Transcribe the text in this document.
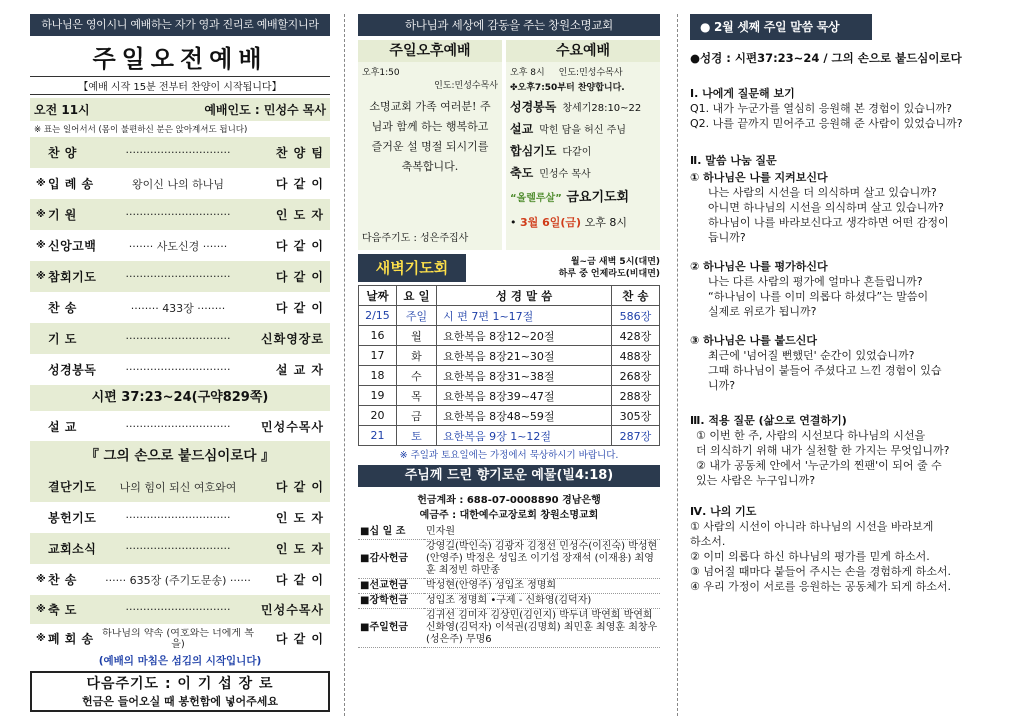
하나님은 영이시니 예배하는 자가 영과 진리로 예배할지니라
주일오전예배
【예배 시작 15분 전부터 찬양이 시작됩니다】
오전 11시	예배인도 : 민성수 목사
※ 표는 일어서서 (몸이 불편하신 분은 앉아계셔도 됩니다)
찬 양	······························	찬 양 팀
※ 입 례 송	왕이신 나의 하나님	다 같 이
※ 기 원	······························	인 도 자
※ 신앙고백	······· 사도신경 ·······	다 같 이
※ 참회기도	······························	다 같 이
찬 송	········ 433장 ········	다 같 이
기 도	······························	신화영장로
성경봉독	······························	설 교 자
시편 37:23~24(구약829쪽)
설 교	······························	민성수목사
『 그의 손으로 붙드심이로다 』
결단기도	나의 힘이 되신 여호와여	다 같 이
봉헌기도	······························	인 도 자
교회소식	······························	인 도 자
※ 찬 송	······ 635장 (주기도문송) ······	다 같 이
※ 축 도	······························	민성수목사
※ 폐 회 송 하나님의 약속 (여호와는 너에게 복을)	다 같 이
(예배의 마침은 섬김의 시작입니다)
다음주기도 : 이 기 섭 장 로
헌금은 들어오실 때 봉헌함에 넣어주세요
하나님과 세상에 감동을 주는 창원소명교회
주일오후예배
오후1:50
인도:민성수목사
소명교회 가족 여러분! 주님과 함께 하는 행복하고 즐거운 설 명절 되시기를 축복합니다.
다음주기도 : 성은주집사
수요예배
오후 8시 인도:민성수목사
✤오후7:50부터 찬양합니다.
성경봉독 창세기28:10~22
설교 막힌 담을 허신 주님
합심기도 다같이
축도 민성수 목사
“올렐루살” 금요기도회
• 3월 6일(금) 오후 8시
새벽기도회	월~금 새벽 5시(대면)
하루 중 언제라도(비대면)
날짜	요 일	성 경 말 씀	찬 송
2/15	주일	시 편 7편 1~17절	586장
16	월	요한복음 8장12~20절	428장
17	화	요한복음 8장21~30절	488장
18	수	요한복음 8장31~38절	268장
19	목	요한복음 8장39~47절	288장
20	금	요한복음 8장48~59절	305장
21	토	요한복음 9장 1~12절	287장
※ 주일과 토요일에는 가정에서 묵상하시기 바랍니다.
주님께 드린 향기로운 예물(빌4:18)
헌금계좌 : 688-07-0008890 경남은행
예금주 : 대한예수교장로회 창원소명교회
■십 일 조	민자원
■감사헌금	강영길(박인숙) 김광자 김정선 민성수(이진숙) 박성현(안영주) 박정은 성입조 이기섭 장재석 (이재용) 최영훈 최정빈 하만종
■선교헌금	박성현(안영주) 성입조 정명희
■장학헌금	성입조 정명희 •구제 - 신화영(김덕자)
■주일헌금	김귀선 김미자 김상민(김인지) 박두녀 박연희 박연희 신화영(김덕자) 이석권(김명희) 최민훈 최영훈 최창우(성은주) 무명6
● 2월 셋째 주일 말씀 묵상
●성경 : 시편37:23~24 / 그의 손으로 붙드심이로다
Ⅰ. 나에게 질문해 보기
Q1. 내가 누군가를 열심히 응원해 본 경험이 있습니까?
Q2. 나를 끝까지 믿어주고 응원해 준 사람이 있었습니까?
Ⅱ. 말씀 나눔 질문
① 하나님은 나를 지켜보신다
나는 사람의 시선을 더 의식하며 살고 있습니까?
아니면 하나님의 시선을 의식하며 살고 있습니까?
하나님이 나를 바라보신다고 생각하면 어떤 감정이
듭니까?
② 하나님은 나를 평가하신다
나는 다른 사람의 평가에 얼마나 흔들립니까?
“하나님이 나를 이미 의롭다 하셨다”는 말씀이
실제로 위로가 됩니까?
③ 하나님은 나를 붙드신다
최근에 '넘어질 뻔했던' 순간이 있었습니까?
그때 하나님이 붙들어 주셨다고 느낀 경험이 있습
니까?
Ⅲ. 적용 질문 (삶으로 연결하기)
① 이번 한 주, 사람의 시선보다 하나님의 시선을
더 의식하기 위해 내가 실천할 한 가지는 무엇입니까?
② 내가 공동체 안에서 '누군가의 찐팬'이 되어 줄 수
있는 사람은 누구입니까?
Ⅳ. 나의 기도
① 사람의 시선이 아니라 하나님의 시선을 바라보게
하소서.
② 이미 의롭다 하신 하나님의 평가를 믿게 하소서.
③ 넘어질 때마다 붙들어 주시는 손을 경험하게 하소서.
④ 우리 가정이 서로를 응원하는 공동체가 되게 하소서.
